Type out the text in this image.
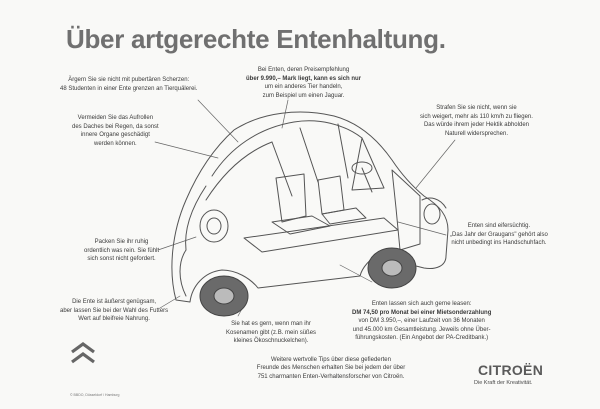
Über artgerechte Entenhaltung.
Ärgern Sie sie nicht mit pubertären Scherzen:
48 Studenten in einer Ente grenzen an Tierquälerei.
Bei Enten, deren Preisempfehlung
über 9.990,– Mark liegt, kann es sich nur
um ein anderes Tier handeln,
zum Beispiel um einen Jaguar.
Vermeiden Sie das Aufrollen
des Daches bei Regen, da sonst
innere Organe geschädigt
werden können.
Strafen Sie sie nicht, wenn sie
sich weigert, mehr als 110 km/h zu fliegen.
Das würde ihrem jeder Hektik abholden
Naturell widersprechen.
Packen Sie ihr ruhig
ordentlich was rein. Sie fühlt
sich sonst nicht gefordert.
Enten sind eifersüchtig.
„Das Jahr der Graugans" gehört also
nicht unbedingt ins Handschuhfach.
Die Ente ist äußerst genügsam,
aber lassen Sie bei der Wahl des Futters
Wert auf bleifreie Nahrung.
Enten lassen sich auch gerne leasen:
DM 74,50 pro Monat bei einer Mietsonderzahlung
von DM 3.950,–, einer Laufzeit von 36 Monaten
und 45.000 km Gesamtleistung. Jeweils ohne Über-
führungskosten. (Ein Angebot der PA-Creditbank.)
Sie hat es gern, wenn man ihr
Kosenamen gibt (z.B. mein süßes
kleines Ökoschnuckelchen).
Weitere wertvolle Tips über diese gefiederten
Freunde des Menschen erhalten Sie bei jedem der über
751 charmanten Enten-Verhaltensforscher von Citroën.	CITROËN
Die Kraft der Kreativität.
© BBDO, Düsseldorf / Hamburg
